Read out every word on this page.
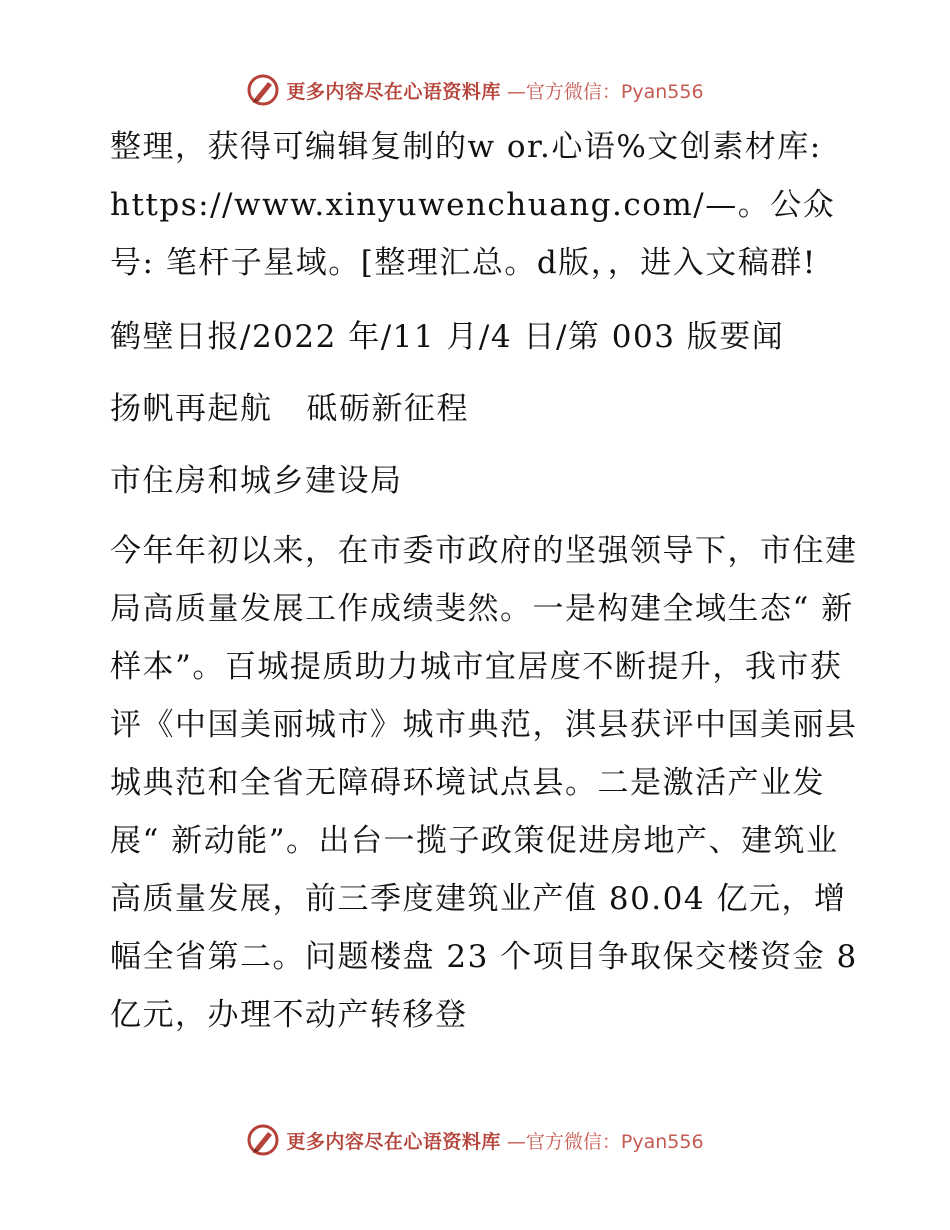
更多内容尽在心语资料库 —官方微信：Pyan556

整理，获得可编辑复制的w or.心语%文创素材库: https://www.xinyuwenchuang.com/—。公众号: 笔杆子星域。[整理汇总。d版，，进入文稿群!

鹤壁日报/2022 年/11 月/4 日/第 003 版要闻

扬帆再起航   砥砺新征程

市住房和城乡建设局

今年年初以来，在市委市政府的坚强领导下，市住建局高质量发展工作成绩斐然。一是构建全域生态“ 新样本”。百城提质助力城市宜居度不断提升，我市获评《中国美丽城市》城市典范，淇县获评中国美丽县城典范和全省无障碍环境试点县。二是激活产业发展“ 新动能”。出台一揽子政策促进房地产、建筑业高质量发展，前三季度建筑业产值 80.04 亿元，增幅全省第二。问题楼盘 23 个项目争取保交楼资金 8 亿元，办理不动产转移登

更多内容尽在心语资料库 —官方微信：Pyan556
